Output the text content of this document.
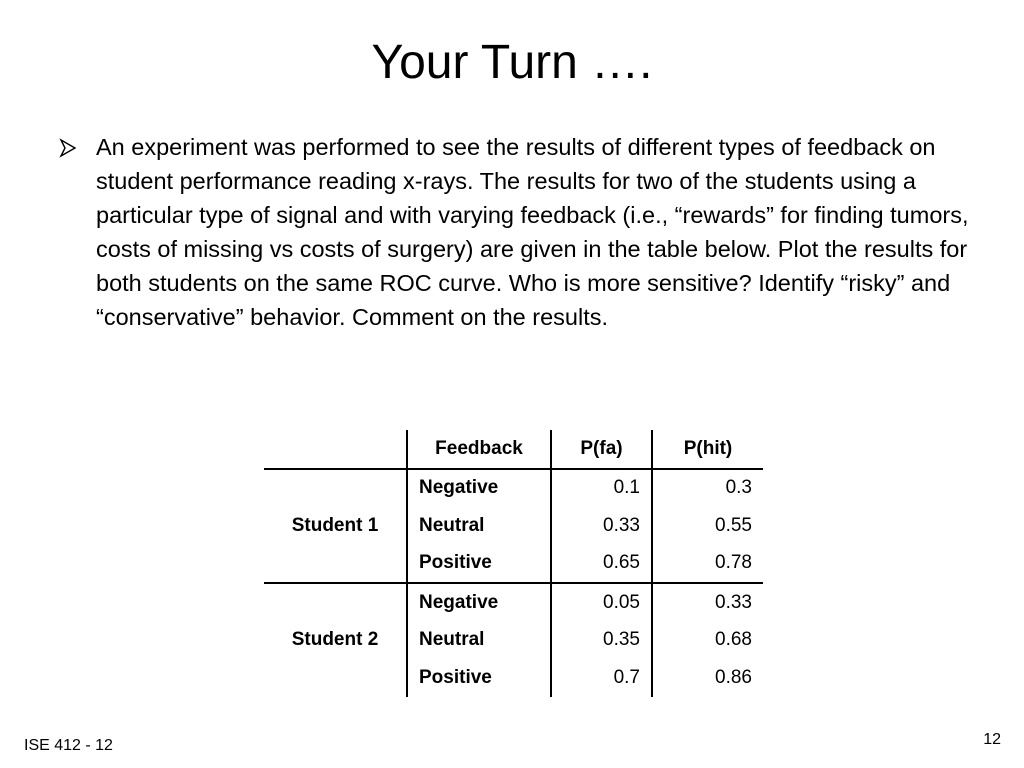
Your Turn ….
An experiment was performed to see the results of different types of feedback on student performance reading x-rays. The results for two of the students using a particular type of signal and with varying feedback (i.e., “rewards” for finding tumors, costs of missing vs costs of surgery) are given in the table below. Plot the results for both students on the same ROC curve. Who is more sensitive? Identify “risky” and “conservative” behavior. Comment on the results.
	Feedback	P(fa)	P(hit)
Student 1	Negative	0.1	0.3
	Neutral	0.33	0.55
	Positive	0.65	0.78
Student 2	Negative	0.05	0.33
	Neutral	0.35	0.68
	Positive	0.7	0.86
ISE 412 - 12	12
